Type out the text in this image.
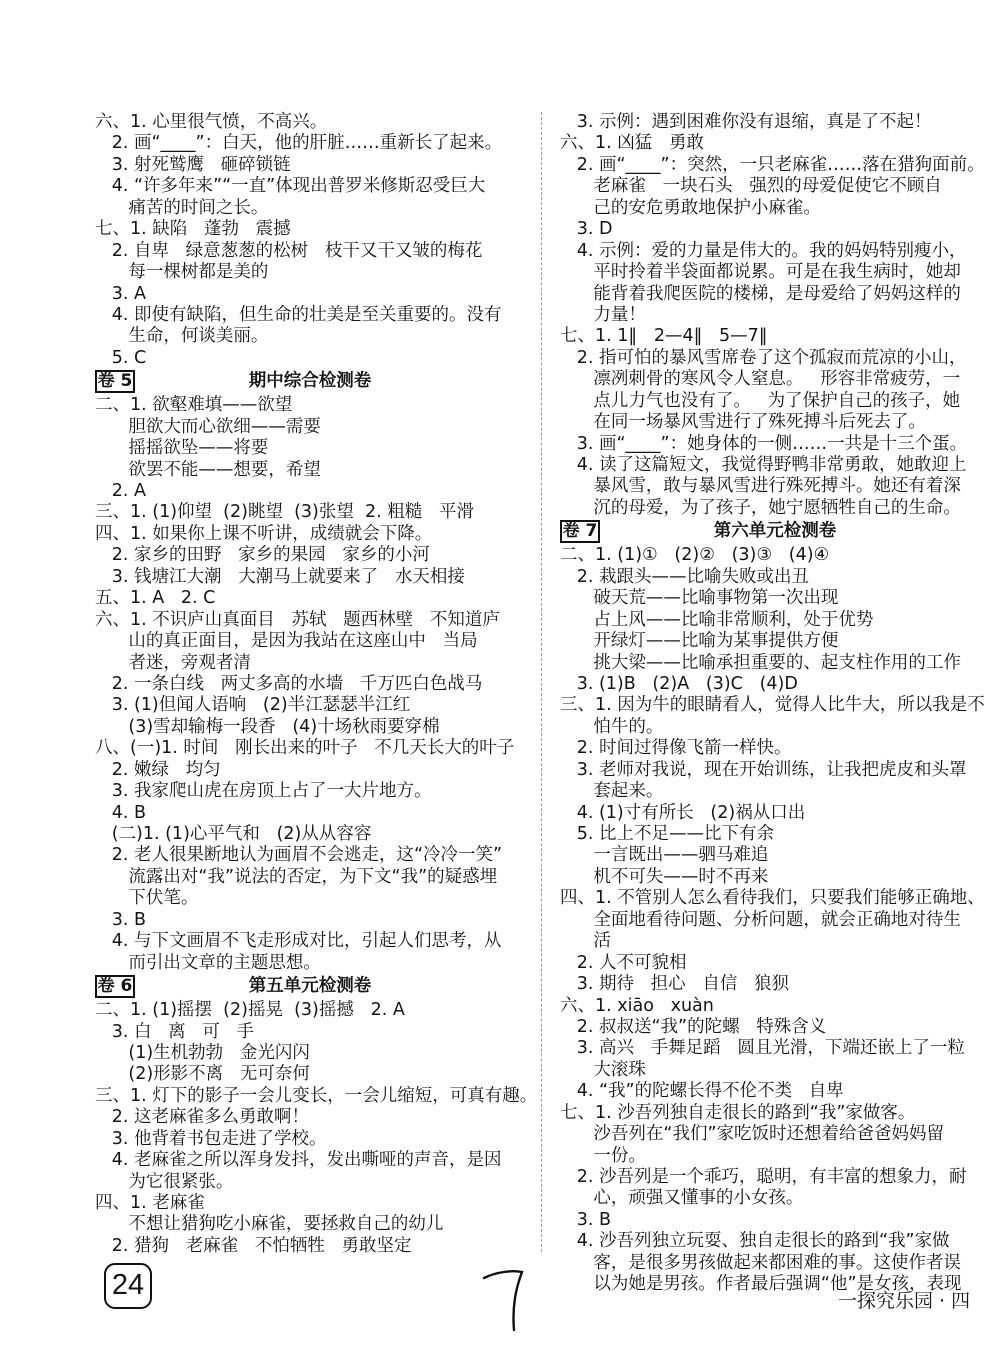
六、1. 心里很气愤，不高兴。
2. 画“____”：白天，他的肝脏……重新长了起来。
3. 射死鹫鹰   砸碎锁链
4. “许多年来”“一直”体现出普罗米修斯忍受巨大
痛苦的时间之长。
七、1. 缺陷   蓬勃   震撼
2. 自卑   绿意葱葱的松树   枝干又干又皱的梅花
每一棵树都是美的
3. A
4. 即使有缺陷，但生命的壮美是至关重要的。没有
生命，何谈美丽。
5. C
期中综合检测卷
卷 5
二、1. 欲壑难填——欲望
胆欲大而心欲细——需要
摇摇欲坠——将要
欲罢不能——想要，希望
2. A
三、1. (1)仰望  (2)眺望  (3)张望  2. 粗糙   平滑
四、1. 如果你上课不听讲，成绩就会下降。
2. 家乡的田野   家乡的果园   家乡的小河
3. 钱塘江大潮   大潮马上就要来了   水天相接
五、1. A   2. C
六、1. 不识庐山真面目   苏轼   题西林壁   不知道庐
山的真正面目，是因为我站在这座山中   当局
者迷，旁观者清
2. 一条白线   两丈多高的水墙   千万匹白色战马
3. (1)但闻人语响   (2)半江瑟瑟半江红
(3)雪却输梅一段香   (4)十场秋雨要穿棉
八、(一)1. 时间   刚长出来的叶子   不几天长大的叶子
2. 嫩绿   均匀
3. 我家爬山虎在房顶上占了一大片地方。
4. B
(二)1. (1)心平气和   (2)从从容容
2. 老人很果断地认为画眉不会逃走，这“冷冷一笑”
流露出对“我”说法的否定，为下文“我”的疑惑埋
下伏笔。
3. B
4. 与下文画眉不飞走形成对比，引起人们思考，从
而引出文章的主题思想。
第五单元检测卷
卷 6
二、1. (1)摇摆  (2)摇晃  (3)摇撼   2. A
3. 白   离   可   手
(1)生机勃勃   金光闪闪
(2)形影不离   无可奈何
三、1. 灯下的影子一会儿变长，一会儿缩短，可真有趣。
2. 这老麻雀多么勇敢啊！
3. 他背着书包走进了学校。
4. 老麻雀之所以浑身发抖，发出嘶哑的声音，是因
为它很紧张。
四、1. 老麻雀
不想让猎狗吃小麻雀，要拯救自己的幼儿
2. 猎狗   老麻雀   不怕牺牲   勇敢坚定
3. 示例：遇到困难你没有退缩，真是了不起！
六、1. 凶猛   勇敢
2. 画“____”：突然，一只老麻雀……落在猎狗面前。
老麻雀   一块石头   强烈的母爱促使它不顾自
己的安危勇敢地保护小麻雀。
3. D
4. 示例：爱的力量是伟大的。我的妈妈特别瘦小，
平时拎着半袋面都说累。可是在我生病时，她却
能背着我爬医院的楼梯，是母爱给了妈妈这样的
力量！
七、1. 1‖   2—4‖   5—7‖
2. 指可怕的暴风雪席卷了这个孤寂而荒凉的小山，
凛冽刺骨的寒风令人窒息。   形容非常疲劳，一
点儿力气也没有了。   为了保护自己的孩子，她
在同一场暴风雪进行了殊死搏斗后死去了。
3. 画“____”：她身体的一侧……一共是十三个蛋。
4. 读了这篇短文，我觉得野鸭非常勇敢，她敢迎上
暴风雪，敢与暴风雪进行殊死搏斗。她还有着深
沉的母爱，为了孩子，她宁愿牺牲自己的生命。
第六单元检测卷
卷 7
二、1. (1)①   (2)②   (3)③   (4)④
2. 栽跟头——比喻失败或出丑
破天荒——比喻事物第一次出现
占上风——比喻非常顺利，处于优势
开绿灯——比喻为某事提供方便
挑大梁——比喻承担重要的、起支柱作用的工作
3. (1)B   (2)A   (3)C   (4)D
三、1. 因为牛的眼睛看人，觉得人比牛大，所以我是不
怕牛的。
2. 时间过得像飞箭一样快。
3. 老师对我说，现在开始训练，让我把虎皮和头罩
套起来。
4. (1)寸有所长   (2)祸从口出
5. 比上不足——比下有余
一言既出——驷马难追
机不可失——时不再来
四、1. 不管别人怎么看待我们，只要我们能够正确地、
全面地看待问题、分析问题，就会正确地对待生
活
2. 人不可貌相
3. 期待   担心   自信   狼狈
六、1. xiāo   xuàn
2. 叔叔送“我”的陀螺   特殊含义
3. 高兴   手舞足蹈   圆且光滑，下端还嵌上了一粒
大滚珠
4. “我”的陀螺长得不伦不类   自卑
七、1. 沙吾列独自走很长的路到“我”家做客。
沙吾列在“我们”家吃饭时还想着给爸爸妈妈留
一份。
2. 沙吾列是一个乖巧，聪明，有丰富的想象力，耐
心，顽强又懂事的小女孩。
3. B
4. 沙吾列独立玩耍、独自走很长的路到“我”家做
客，是很多男孩做起来都困难的事。这使作者误
以为她是男孩。作者最后强调“他”是女孩，表现
24	一探究乐园 · 四
